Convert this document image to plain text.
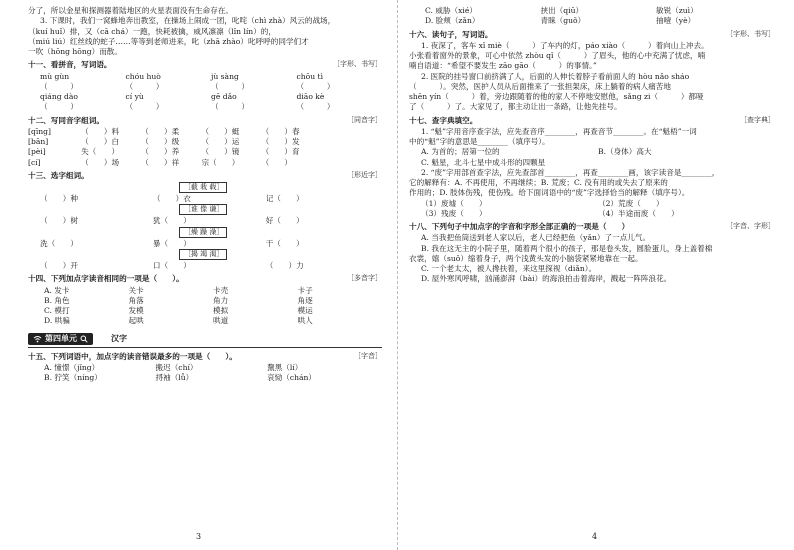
分了，所以金星和探测器着陆地区的火星表面没有生命存在。
3. 下课时，我们一窝蜂地奔出教室，在操场上闹成一团，叱咤（chì zhà）风云的战场，
（kuí huǐ）排，又（cā chá）一跑，快耗被擒，威风凛凛（lǐn lín）的，
（miú liú）红丝线的蛇子……等等到老师进来，叱（zhā zhào）叱呼呼的同学们才
一吹（hōng hōng）而散。
十一、看拼音，写词语。	［字形、书写］
mù gùn	chóu huò	jù sàng	chōu tì
（　　　）	（　　　）	（　　　）	（　　　）
qiáng dào	cí yù	gē dǎo	diāo kè
（　　　）	（　　　）	（　　　）	（　　　）
十二、写同音字组词。	［同音字］
[qīng]	（　　）料	（　　）柔	（　　）蜓	（　　）春
[bān]	（　　）白	（　　）级	（　　）运	（　　）发
[pèi]	失（　　）	（　　）养	（　　）镜	（　　）育
[cí]	（　　）场	（　　）祥	宗（　　）	（　　）
十三、选字组词。	［形近字］
［截 栽 载］
（　　）种	（　　）衣	记（　　）
［谁 像 谦］
（　　）树	犹（　　）	好（　　）
［燥 躁 澡］
洗（　　）	暴（　　）	干（　　）
［揭 竭 渴］
（　　）开	口（　　）	（　　）力
十四、下列加点字读音相同的一项是（　　）。	［多音字］
A. 发卡	关卡	卡壳	卡子
B. 角色	角落	角力	角逐
C. 模打	发模	模拟	模运
D. 哄骗	起哄	哄道	哄人
第四单元	汉字
十五、下列词语中，加点字的读音错误最多的一项是（　　）。	［字音］
A. 憧憬（jǐng）	搬迟（chí）	黧黑（lí）
B. 狞笑（níng）	捋袖（lǚ）	哀恸（chán）
3
C. 威胁（xié）	挟出（qiū）	敏锐（zuì）
D. 脸颊（zǎn）	青睐（guǒ）	抽噎（yè）
十六、读句子，写词语。	［字形、书写］
1. 夜深了，客车 xǐ miè（　　　）了车内的灯，páo xiào（　　　）着向山上冲去。
小张看着窗外的景象，可心中依然 zhòu qǐ（　　　）了眉头，他的心中充满了忧虑，喃
喃自语道：“希望不要发生 zāo gāo（　　　）的事情。”
2. 医院的挂号窗口前挤满了人，后面的人伸长着脖子看前面人的 hòu nǎo sháo
（　　　）。突然，医护人员从后面推来了一张担架床，床上躺着的病人痛苦地
shēn yín（　　　）着，旁边跟随着的他的家人不停地安慰他，sǎng zi（　　　）都哑
了（　　　）了。大家见了，都主动让出一条路，让他先挂号。
十七、查字典填空。	［查字典］
1. “魁”字用音序查字法，应先查音序________，再查音节________。在“魁梧”一词
中的“魁”字的意思是________（填序号）。
A. 为首的；居第一位的	B.（身体）高大
C. 魁星，北斗七星中成斗形的四颗星
2. “废”字用部首查字法，应先查部首________，再查________画，该字读音是________，
它的解释有：A. 不再使用，不再继续；B. 荒废；C. 没有用的或失去了原来的
作用的；D. 肢体伤残，使伤残。给下面词语中的“废”字选择恰当的解释（填序号）。
（1）废墟（　　）	（2）荒废（　　）
（3）残废（　　）	（4）半途而废（　　）
十八、下列句子中加点字的字音和字形全部正确的一项是（　　）	［字音、字形］
A. 当我把鱼筒送到老人家以后，老人已经把鱼（yǎn）了一点儿气。
B. 我在这无主的小院子里，随着两个很小的孩子，那是卷头发，圆脸蛋儿，身上盖着棉
衣裳，嬉（suǒ）缩着身子，两个浅黄头发的小脑袋紧紧地靠在一起。
C. 一个老太太，被人搀扶着，来这里探视（diǎn）。
D. 屋外寒风呼啸，汹涌澎湃（bài）的海浪拍击着海岸，溅起一阵阵浪花。
4
